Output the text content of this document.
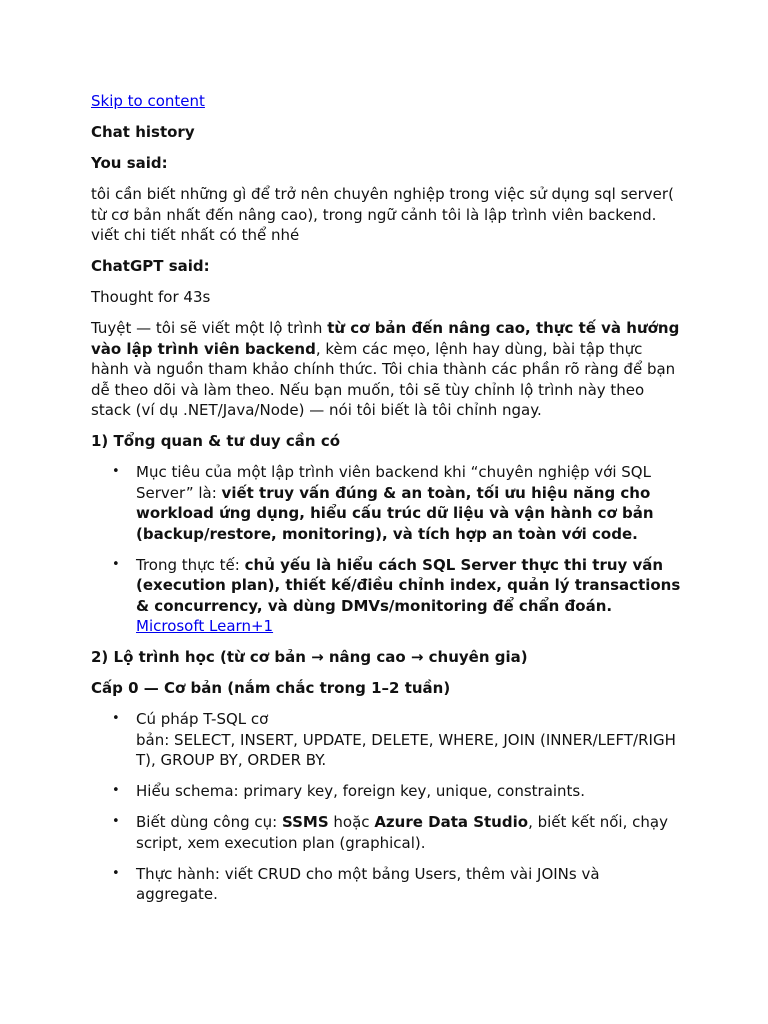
Skip to content

Chat history

You said:

tôi cần biết những gì để trở nên chuyên nghiệp trong việc sử dụng sql server( từ cơ bản nhất đến nâng cao), trong ngữ cảnh tôi là lập trình viên backend. viết chi tiết nhất có thể nhé

ChatGPT said:

Thought for 43s

Tuyệt — tôi sẽ viết một lộ trình từ cơ bản đến nâng cao, thực tế và hướng vào lập trình viên backend, kèm các mẹo, lệnh hay dùng, bài tập thực hành và nguồn tham khảo chính thức. Tôi chia thành các phần rõ ràng để bạn dễ theo dõi và làm theo. Nếu bạn muốn, tôi sẽ tùy chỉnh lộ trình này theo stack (ví dụ .NET/Java/Node) — nói tôi biết là tôi chỉnh ngay.

1) Tổng quan & tư duy cần có

• Mục tiêu của một lập trình viên backend khi “chuyên nghiệp với SQL Server” là: viết truy vấn đúng & an toàn, tối ưu hiệu năng cho workload ứng dụng, hiểu cấu trúc dữ liệu và vận hành cơ bản (backup/restore, monitoring), và tích hợp an toàn với code.
• Trong thực tế: chủ yếu là hiểu cách SQL Server thực thi truy vấn (execution plan), thiết kế/điều chỉnh index, quản lý transactions & concurrency, và dùng DMVs/monitoring để chẩn đoán. Microsoft Learn+1

2) Lộ trình học (từ cơ bản → nâng cao → chuyên gia)

Cấp 0 — Cơ bản (nắm chắc trong 1–2 tuần)

• Cú pháp T-SQL cơ
bản: SELECT, INSERT, UPDATE, DELETE, WHERE, JOIN (INNER/LEFT/RIGH
T), GROUP BY, ORDER BY.
• Hiểu schema: primary key, foreign key, unique, constraints.
• Biết dùng công cụ: SSMS hoặc Azure Data Studio, biết kết nối, chạy script, xem execution plan (graphical).
• Thực hành: viết CRUD cho một bảng Users, thêm vài JOINs và aggregate.
